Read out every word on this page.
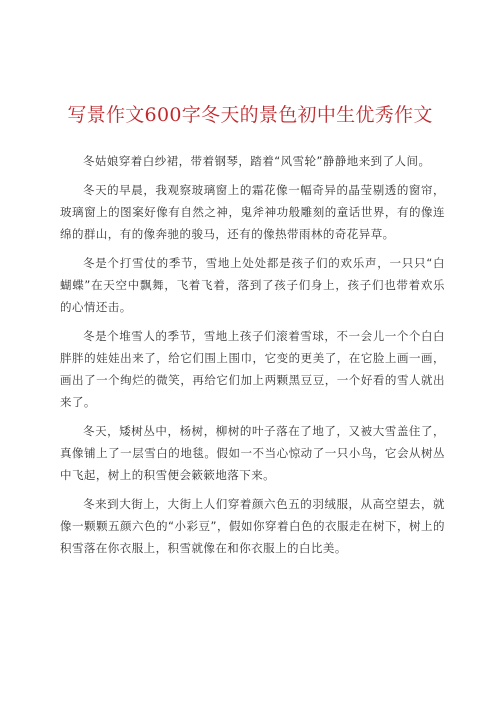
写景作文600字冬天的景色初中生优秀作文

冬姑娘穿着白纱裙，带着钢琴，踏着“风雪轮”静静地来到了人间。

冬天的早晨，我观察玻璃窗上的霜花像一幅奇异的晶莹剔透的窗帘，玻璃窗上的图案好像有自然之神，鬼斧神功般雕刻的童话世界，有的像连绵的群山，有的像奔驰的骏马，还有的像热带雨林的奇花异草。

冬是个打雪仗的季节，雪地上处处都是孩子们的欢乐声，一只只“白蝴蝶”在天空中飘舞，飞着飞着，落到了孩子们身上，孩子们也带着欢乐的心情还击。

冬是个堆雪人的季节，雪地上孩子们滚着雪球，不一会儿一个个白白胖胖的娃娃出来了，给它们围上围巾，它变的更美了，在它脸上画一画，画出了一个绚烂的微笑，再给它们加上两颗黑豆豆，一个好看的雪人就出来了。

冬天，矮树丛中，杨树，柳树的叶子落在了地了，又被大雪盖住了，真像铺上了一层雪白的地毯。假如一不当心惊动了一只小鸟，它会从树丛中飞起，树上的积雪便会簌簌地落下来。

冬来到大街上，大街上人们穿着颜六色五的羽绒服，从高空望去，就像一颗颗五颜六色的“小彩豆”，假如你穿着白色的衣服走在树下，树上的积雪落在你衣服上，积雪就像在和你衣服上的白比美。
